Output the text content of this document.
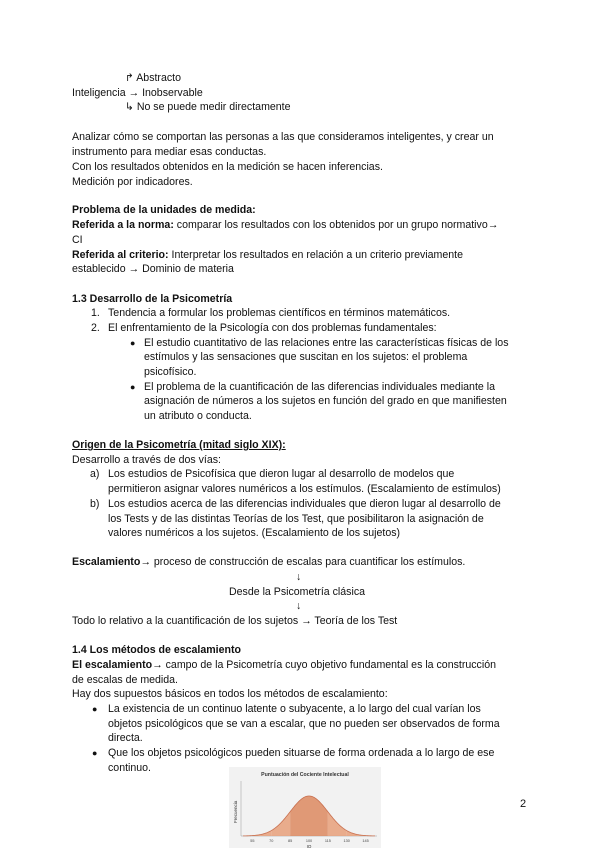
↱ Abstracto
Inteligencia → Inobservable
↳ No se puede medir directamente
Analizar cómo se comportan las personas a las que consideramos inteligentes, y crear un
instrumento para mediar esas conductas.
Con los resultados obtenidos en la medición se hacen inferencias.
Medición por indicadores.
Problema de la unidades de medida:
Referida a la norma: comparar los resultados con los obtenidos por un grupo normativo→
CI
Referida al criterio: Interpretar los resultados en relación a un criterio previamente
establecido → Dominio de materia
1.3 Desarrollo de la Psicometría
1. Tendencia a formular los problemas científicos en términos matemáticos.
2. El enfrentamiento de la Psicología con dos problemas fundamentales:
● El estudio cuantitativo de las relaciones entre las características físicas de los
estímulos y las sensaciones que suscitan en los sujetos: el problema
psicofísico.
● El problema de la cuantificación de las diferencias individuales mediante la
asignación de números a los sujetos en función del grado en que manifiesten
un atributo o conducta.
Origen de la Psicometría (mitad siglo XIX):
Desarrollo a través de dos vías:
a) Los estudios de Psicofísica que dieron lugar al desarrollo de modelos que
permitieron asignar valores numéricos a los estímulos. (Escalamiento de estímulos)
b) Los estudios acerca de las diferencias individuales que dieron lugar al desarrollo de
los Tests y de las distintas Teorías de los Test, que posibilitaron la asignación de
valores numéricos a los sujetos. (Escalamiento de los sujetos)
Escalamiento→ proceso de construcción de escalas para cuantificar los estímulos.
↓
Desde la Psicometría clásica
↓
Todo lo relativo a la cuantificación de los sujetos → Teoría de los Test
1.4 Los métodos de escalamiento
El escalamiento→ campo de la Psicometría cuyo objetivo fundamental es la construcción
de escalas de medida.
Hay dos supuestos básicos en todos los métodos de escalamiento:
● La existencia de un continuo latente o subyacente, a lo largo del cual varían los
objetos psicológicos que se van a escalar, que no pueden ser observados de forma
directa.
● Que los objetos psicológicos pueden situarse de forma ordenada a lo largo de ese
continuo.
Puntuación del Cociente Intelectual
Frecuencia
55	70	85	100	115	130	145
IQ
2
